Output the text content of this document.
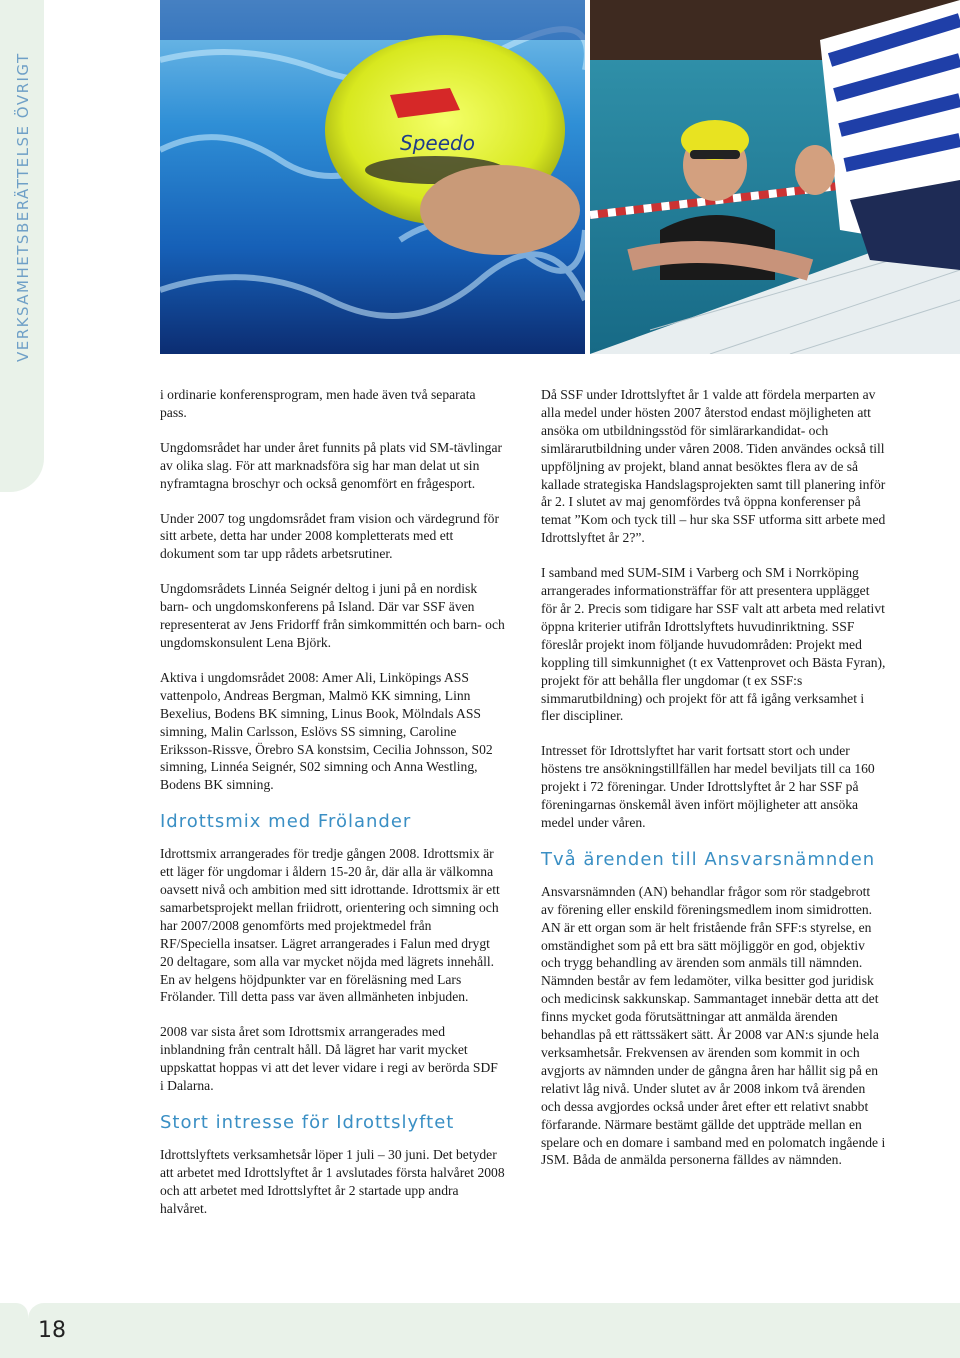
VERKSAMHETSBERÄTTELSE ÖVRIGT	Speedo

i ordinarie konferensprogram, men hade även två separata pass.

Ungdomsrådet har under året funnits på plats vid SM-tävlingar av olika slag. För att marknadsföra sig har man delat ut sin nyframtagna broschyr och också genomfört en frågesport.

Under 2007 tog ungdomsrådet fram vision och värdegrund för sitt arbete, detta har under 2008 kompletterats med ett dokument som tar upp rådets arbetsrutiner.

Ungdomsrådets Linnéa Seignér deltog i juni på en nordisk barn- och ungdomskonferens på Island. Där var SSF även representerat av Jens Fridorff från simkommittén och barn- och ungdomskonsulent Lena Björk.

Aktiva i ungdomsrådet 2008: Amer Ali, Linköpings ASS vattenpolo, Andreas Bergman, Malmö KK simning, Linn Bexelius, Bodens BK simning, Linus Book, Mölndals ASS simning, Malin Carlsson, Eslövs SS simning, Caroline Eriksson-Rissve, Örebro SA konstsim, Cecilia Johnsson, S02 simning, Linnéa Seignér, S02 simning och Anna Westling, Bodens BK simning.

Idrottsmix med Frölander

Idrottsmix arrangerades för tredje gången 2008. Idrottsmix är ett läger för ungdomar i åldern 15-20 år, där alla är välkomna oavsett nivå och ambition med sitt idrottande. Idrottsmix är ett samarbetsprojekt mellan friidrott, orientering och simning och har 2007/2008 genomförts med projektmedel från RF/Speciella insatser. Lägret arrangerades i Falun med drygt 20 deltagare, som alla var mycket nöjda med lägrets innehåll. En av helgens höjdpunkter var en föreläsning med Lars Frölander. Till detta pass var även allmänheten inbjuden.

2008 var sista året som Idrottsmix arrangerades med inblandning från centralt håll. Då lägret har varit mycket uppskattat hoppas vi att det lever vidare i regi av berörda SDF i Dalarna.

Stort intresse för Idrottslyftet

Idrottslyftets verksamhetsår löper 1 juli – 30 juni. Det betyder att arbetet med Idrottslyftet år 1 avslutades första halvåret 2008 och att arbetet med Idrottslyftet år 2 startade upp andra halvåret.

Då SSF under Idrottslyftet år 1 valde att fördela merparten av alla medel under hösten 2007 återstod endast möjligheten att ansöka om utbildningsstöd för simlärarkandidat- och simlärarutbildning under våren 2008. Tiden användes också till uppföljning av projekt, bland annat besöktes flera av de så kallade strategiska Handslagsprojekten samt till planering inför år 2. I slutet av maj genomfördes två öppna konferenser på temat ”Kom och tyck till – hur ska SSF utforma sitt arbete med Idrottslyftet år 2?”.

I samband med SUM-SIM i Varberg och SM i Norrköping arrangerades informationsträffar för att presentera upplägget för år 2. Precis som tidigare har SSF valt att arbeta med relativt öppna kriterier utifrån Idrottslyftets huvudinriktning. SSF föreslår projekt inom följande huvudområden: Projekt med koppling till simkunnighet (t ex Vattenprovet och Bästa Fyran), projekt för att behålla fler ungdomar (t ex SSF:s simmarutbildning) och projekt för att få igång verksamhet i fler discipliner.

Intresset för Idrottslyftet har varit fortsatt stort och under höstens tre ansökningstillfällen har medel beviljats till ca 160 projekt i 72 föreningar. Under Idrottslyftet år 2 har SSF på föreningarnas önskemål även infört möjligheter att ansöka medel under våren.

Två ärenden till Ansvarsnämnden

Ansvarsnämnden (AN) behandlar frågor som rör stadgebrott av förening eller enskild föreningsmedlem inom simidrotten. AN är ett organ som är helt fristående från SFF:s styrelse, en omständighet som på ett bra sätt möjliggör en god, objektiv och trygg behandling av ärenden som anmäls till nämnden. Nämnden består av fem ledamöter, vilka besitter god juridisk och medicinsk sakkunskap. Sammantaget innebär detta att det finns mycket goda förutsättningar att anmälda ärenden behandlas på ett rättssäkert sätt. År 2008 var AN:s sjunde hela verksamhetsår. Frekvensen av ärenden som kommit in och avgjorts av nämnden under de gångna åren har hållit sig på en relativt låg nivå. Under slutet av år 2008 inkom två ärenden och dessa avgjordes också under året efter ett relativt snabbt förfarande. Närmare bestämt gällde det uppträde mellan en spelare och en domare i samband med en polomatch ingående i JSM. Båda de anmälda personerna fälldes av nämnden.

18
